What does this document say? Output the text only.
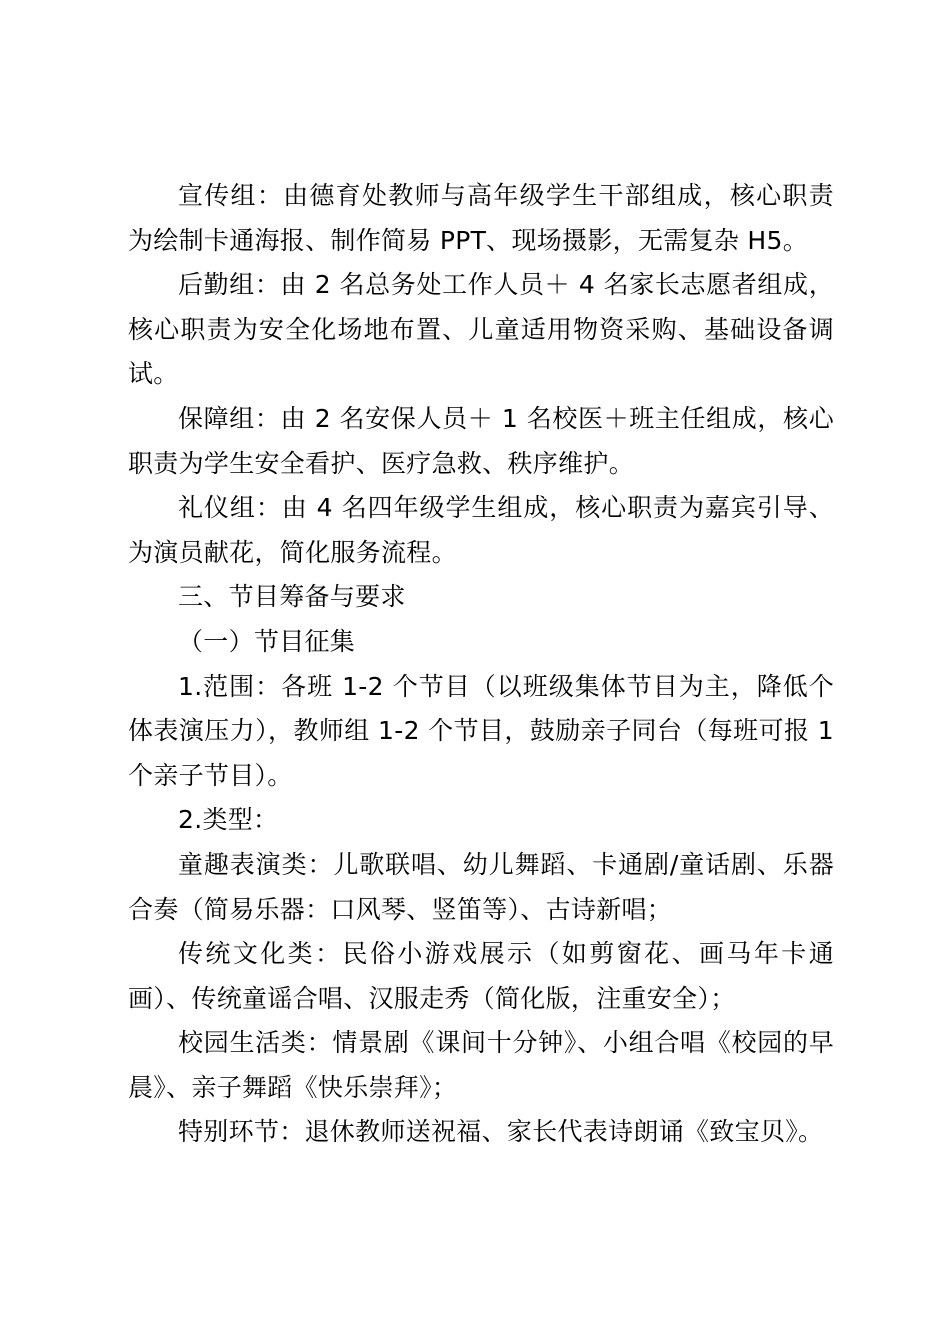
宣传组：由德育处教师与高年级学生干部组成，核心职责为绘制卡通海报、制作简易 PPT、现场摄影，无需复杂 H5。

后勤组：由 2 名总务处工作人员＋ 4 名家长志愿者组成，核心职责为安全化场地布置、儿童适用物资采购、基础设备调试。

保障组：由 2 名安保人员＋ 1 名校医＋班主任组成，核心职责为学生安全看护、医疗急救、秩序维护。

礼仪组：由 4 名四年级学生组成，核心职责为嘉宾引导、为演员献花，简化服务流程。

三、节目筹备与要求

（一）节目征集

1.范围：各班 1-2 个节目（以班级集体节目为主，降低个体表演压力），教师组 1-2 个节目，鼓励亲子同台（每班可报 1 个亲子节目）。

2.类型：

童趣表演类：儿歌联唱、幼儿舞蹈、卡通剧/童话剧、乐器合奏（简易乐器：口风琴、竖笛等）、古诗新唱；

传统文化类：民俗小游戏展示（如剪窗花、画马年卡通画）、传统童谣合唱、汉服走秀（简化版，注重安全）；

校园生活类：情景剧《课间十分钟》、小组合唱《校园的早晨》、亲子舞蹈《快乐崇拜》；

特别环节：退休教师送祝福、家长代表诗朗诵《致宝贝》。
